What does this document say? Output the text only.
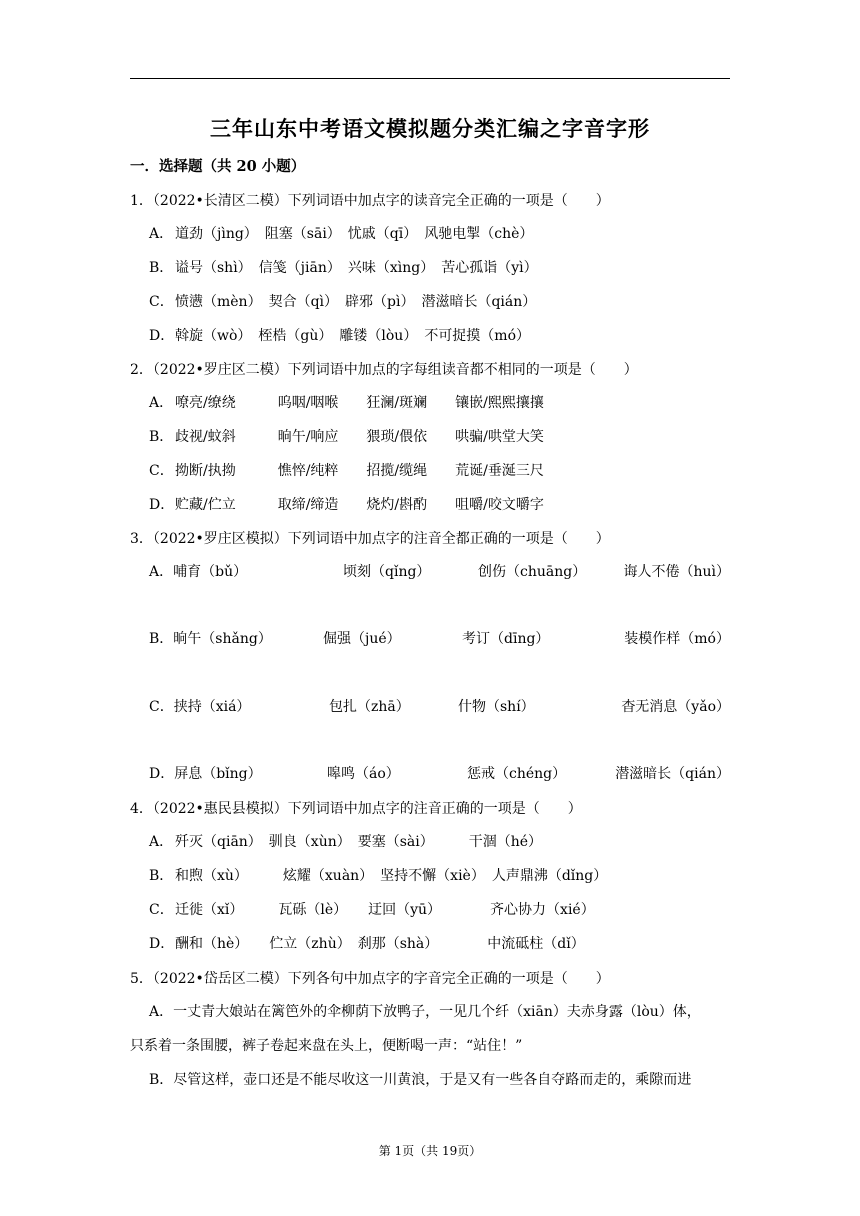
三年山东中考语文模拟题分类汇编之字音字形
一．选择题（共 20 小题）
1．（2022•长清区二模）下列词语中加点字的读音完全正确的一项是（　　）
A． 道劲（jìng）　阻塞（sāi）　忧戚（qī）　风驰电掣（chè）
B． 谥号（shì）　信笺（jiān）　兴味（xìng）　苦心孤诣（yì）
C．愤懑（mèn）　契合（qì）　辟邪（pì）　潜滋暗长（qián）
D．斡旋（wò）　桎梏（gù）　雕镂（lòu）　不可捉摸（mó）
2．（2022•罗庄区二模）下列词语中加点的字每组读音都不相同的一项是（　　）
A． 嘹亮/缭绕　　　呜咽/咽喉　　狂澜/斑斓　　镶嵌/熙熙攘攘
B． 歧视/蚊斜　　　晌午/响应　　猥琐/偎依　　哄骗/哄堂大笑
C．拗断/执拗　　　憔悴/纯粹　　招揽/缆绳　　荒诞/垂涎三尺
D．贮藏/伫立　　　取缔/缔造　　烧灼/斟酌　　咀嚼/咬文嚼字
3．（2022•罗庄区模拟）下列词语中加点字的注音全都正确的一项是（　　）
A．哺育（bǔ）	顷刻（qǐng）	创伤（chuāng）	诲人不倦（huì）
B．晌午（shǎng）	倔强（jué）	考订（dīng）	装模作样（mó）
C．挟持（xiá）	包扎（zhā）	什物（shí）	杳无消息（yǎo）
D．屏息（bǐng）	嗥鸣（áo）	惩戒（chéng）	潜滋暗长（qián）
4．（2022•惠民县模拟）下列词语中加点字的注音正确的一项是（　　）
A． 歼灭（qiān）　驯良（xùn）　要塞（sài）　　　干涸（hé）
B． 和煦（xù）　　　炫耀（xuàn）　坚持不懈（xiè）　人声鼎沸（dǐng）
C．迁徙（xǐ）　　　瓦砾（lè）　　迂回（yū）　　　　齐心协力（xié）
D．酬和（hè）　　伫立（zhù）　刹那（shà）　　　　中流砥柱（dǐ）
5．（2022•岱岳区二模）下列各句中加点字的字音完全正确的一项是（　　）
A．一丈青大娘站在篱笆外的伞柳荫下放鸭子，一见几个纤（xiān）夫赤身露（lòu）体，
只系着一条围腰，裤子卷起来盘在头上，便断喝一声：“站住！”
B．尽管这样，壶口还是不能尽收这一川黄浪，于是又有一些各自夺路而走的，乘隙而进
第 1页（共 19页）
